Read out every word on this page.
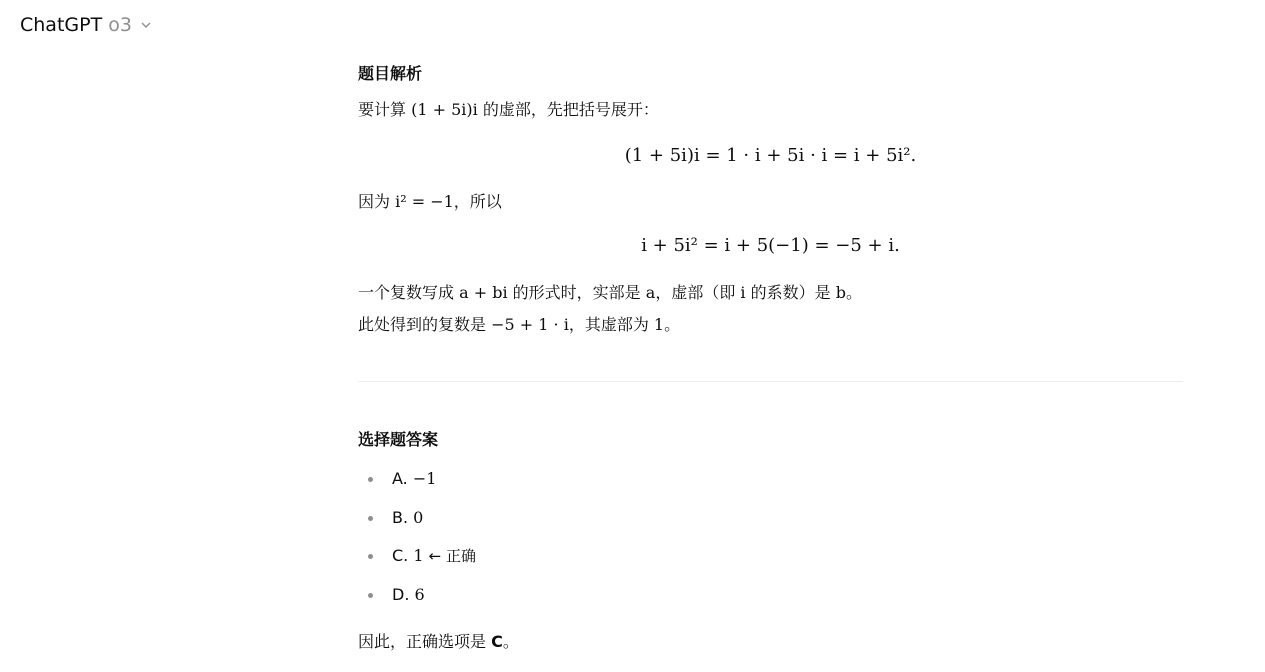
ChatGPT o3

题目解析

要计算 (1 + 5i)i 的虚部，先把括号展开：

(1 + 5i)i = 1 · i + 5i · i = i + 5i².

因为 i² = −1，所以

i + 5i² = i + 5(−1) = −5 + i.

一个复数写成 a + bi 的形式时，实部是 a，虚部（即 i 的系数）是 b。

此处得到的复数是 −5 + 1 · i，其虚部为 1。

选择题答案

A. −1
B. 0
C. 1 ← 正确
D. 6

因此，正确选项是 C。
